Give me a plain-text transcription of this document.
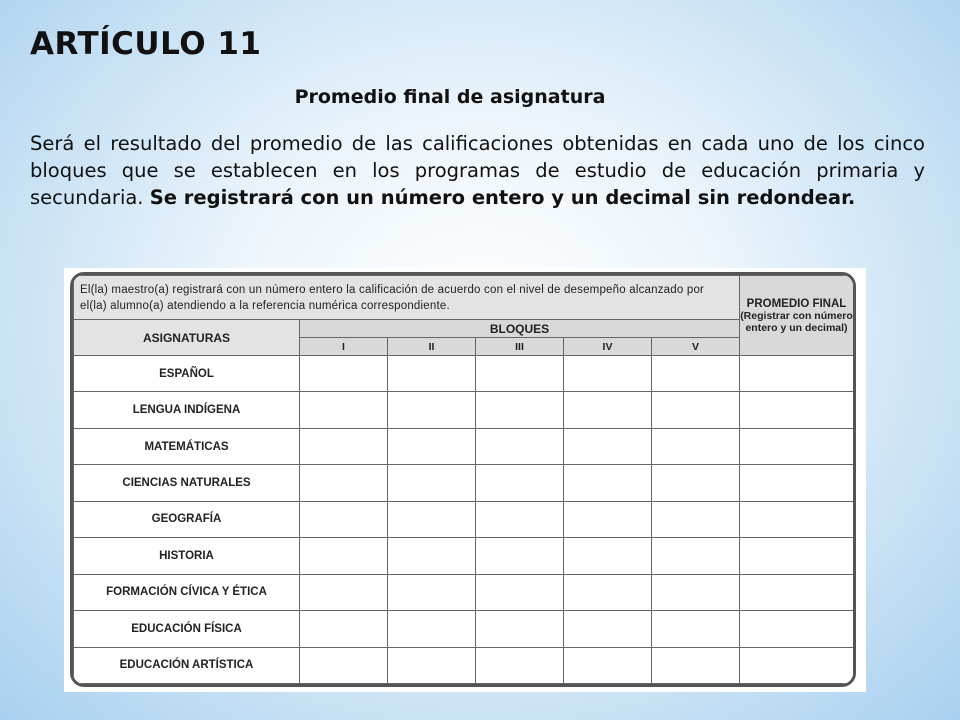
ARTÍCULO 11
Promedio final de asignatura
Será el resultado del promedio de las calificaciones obtenidas en cada uno de los cinco bloques que se establecen en los programas de estudio de educación primaria y secundaria. Se registrará con un número entero y un decimal sin redondear.
El(la) maestro(a) registrará con un número entero la calificación de acuerdo con el nivel de desempeño alcanzado por el(la) alumno(a) atendiendo a la referencia numérica correspondiente.						PROMEDIO FINAL
(Registrar con número entero y un decimal)
ASIGNATURAS	BLOQUES					
	I	II	III	IV	V	
ESPAÑOL						
LENGUA INDÍGENA						
MATEMÁTICAS						
CIENCIAS NATURALES						
GEOGRAFÍA						
HISTORIA						
FORMACIÓN CÍVICA Y ÉTICA						
EDUCACIÓN FÍSICA						
EDUCACIÓN ARTÍSTICA						
